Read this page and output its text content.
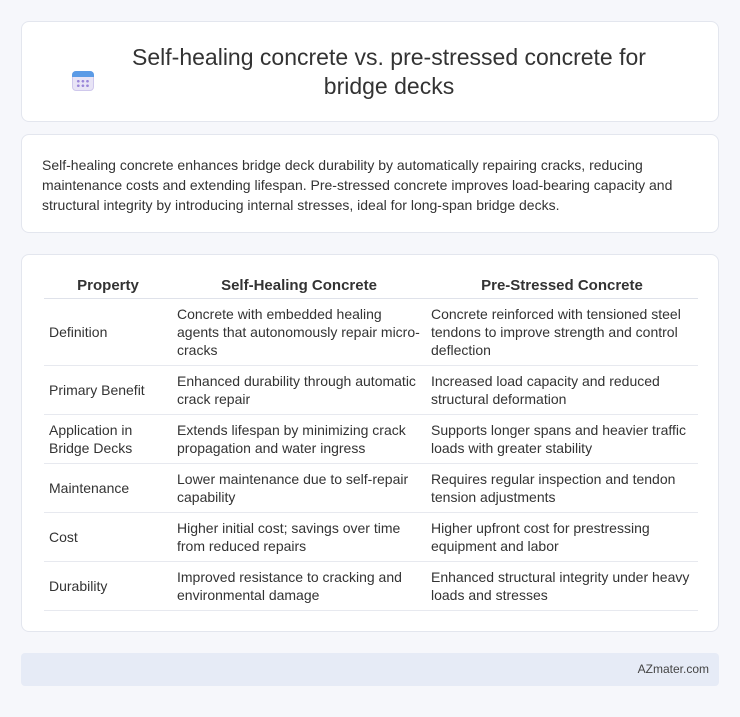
Self-healing concrete vs. pre-stressed concrete for bridge decks

Self-healing concrete enhances bridge deck durability by automatically repairing cracks, reducing maintenance costs and extending lifespan. Pre-stressed concrete improves load-bearing capacity and structural integrity by introducing internal stresses, ideal for long-span bridge decks.

Property	Self-Healing Concrete	Pre-Stressed Concrete
Definition	Concrete with embedded healing agents that autonomously repair micro-cracks	Concrete reinforced with tensioned steel tendons to improve strength and control deflection
Primary Benefit	Enhanced durability through automatic crack repair	Increased load capacity and reduced structural deformation
Application in Bridge Decks	Extends lifespan by minimizing crack propagation and water ingress	Supports longer spans and heavier traffic loads with greater stability
Maintenance	Lower maintenance due to self-repair capability	Requires regular inspection and tendon tension adjustments
Cost	Higher initial cost; savings over time from reduced repairs	Higher upfront cost for prestressing equipment and labor
Durability	Improved resistance to cracking and environmental damage	Enhanced structural integrity under heavy loads and stresses
AZmater.com
